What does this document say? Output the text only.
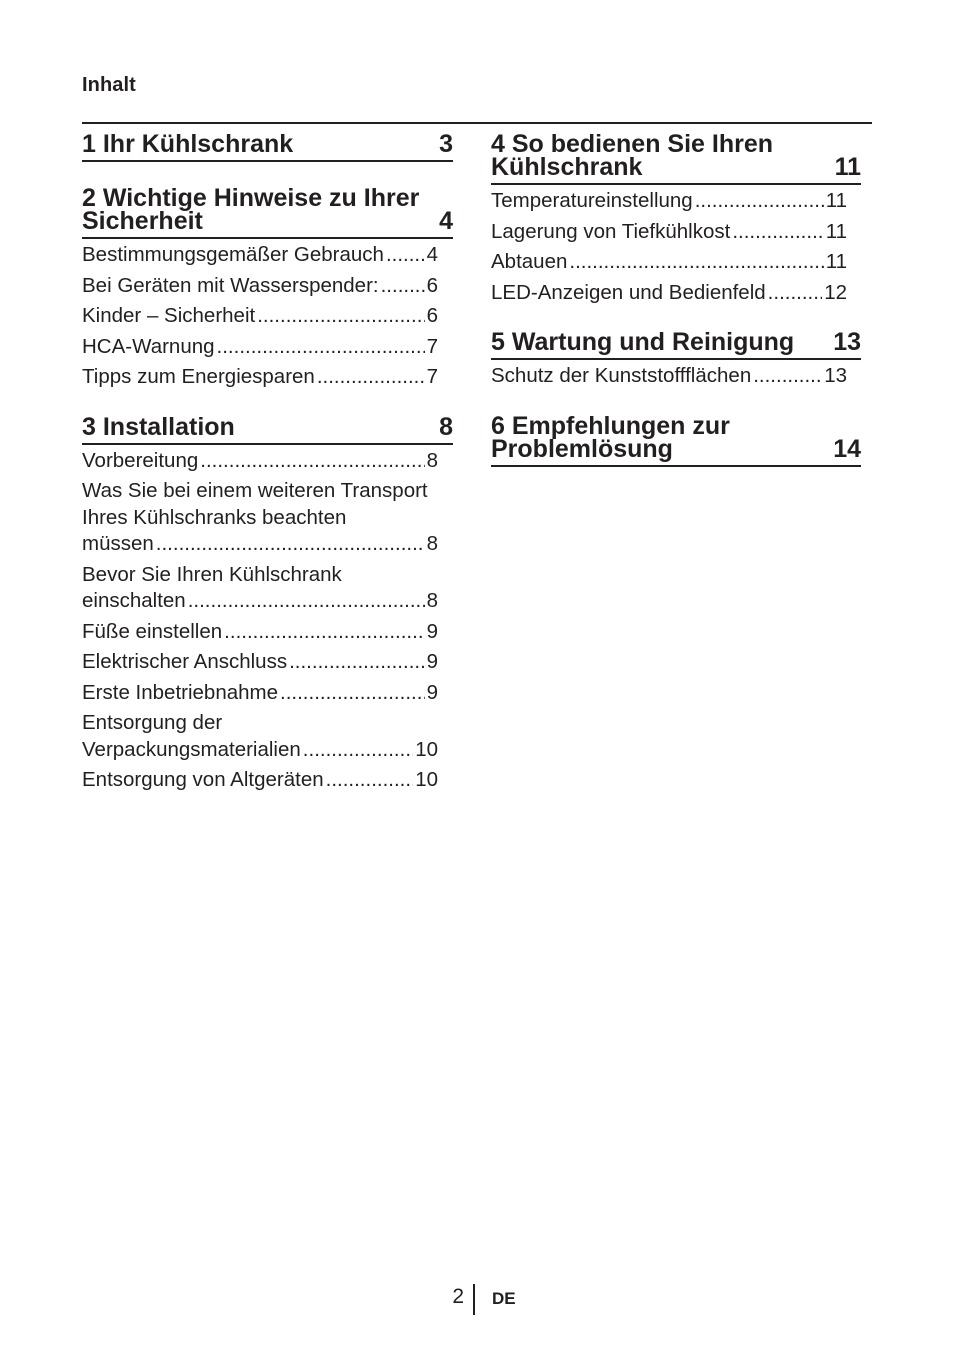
Inhalt
1 Ihr Kühlschrank	3
2 Wichtige Hinweise zu Ihrer Sicherheit	4
Bestimmungsgemäßer Gebrauch ..... 4
Bei Geräten mit Wasserspender: ..... 6
Kinder – Sicherheit .....	6
HCA-Warnung .....	7
Tipps zum Energiesparen .....	7
3 Installation	8
Vorbereitung .....	8
Was Sie bei einem weiteren Transport
Ihres Kühlschranks beachten
müssen .....	8
Bevor Sie Ihren Kühlschrank
einschalten .....	8
Füße einstellen .....	9
Elektrischer Anschluss .....	9
Erste Inbetriebnahme .....	9
Entsorgung der
Verpackungsmaterialien .....	10
Entsorgung von Altgeräten .....	10
4 So bedienen Sie Ihren Kühlschrank	11
Temperatureinstellung .....	11
Lagerung von Tiefkühlkost .....	11
Abtauen .....	11
LED-Anzeigen und Bedienfeld .....	12
5 Wartung und Reinigung	13
Schutz der Kunststoffflächen .....	13
6 Empfehlungen zur Problemlösung	14
2 DE
